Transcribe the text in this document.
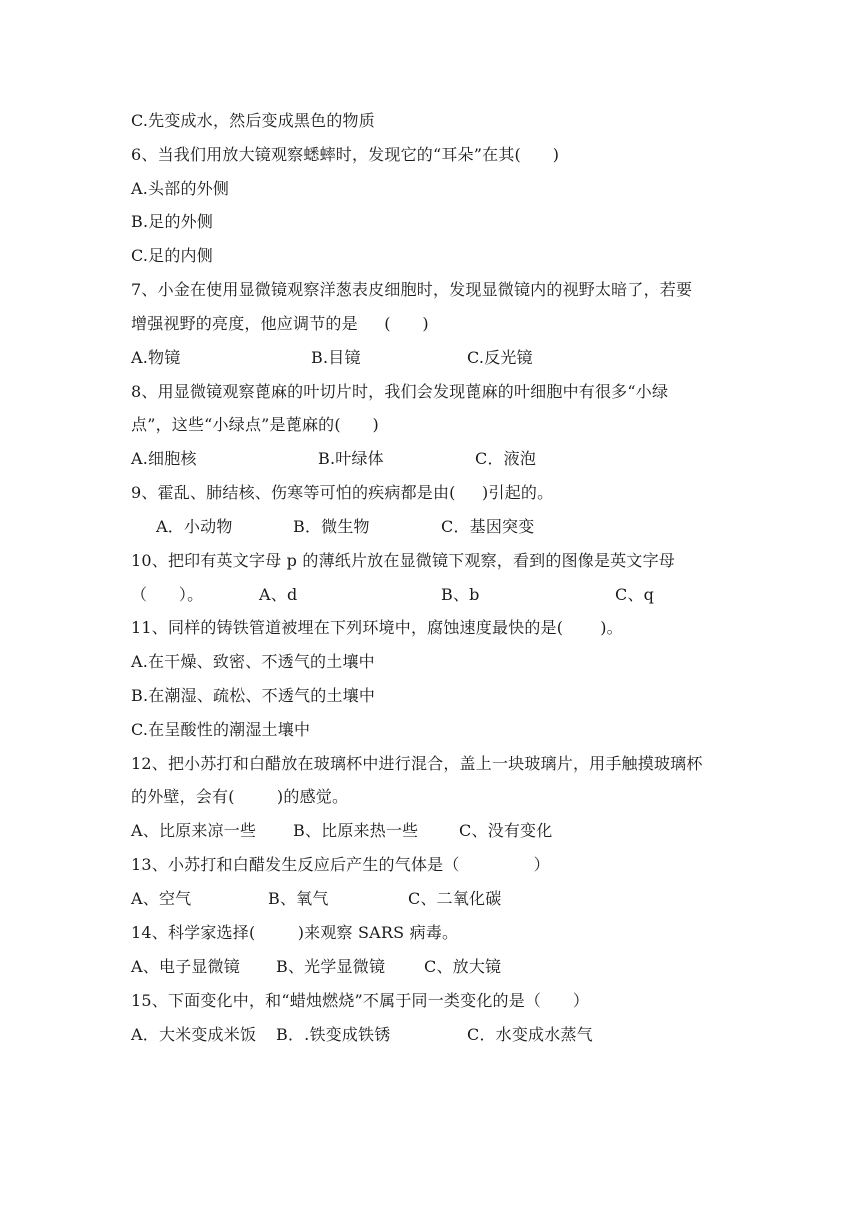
C.先变成水，然后变成黑色的物质
6、当我们用放大镜观察蟋蟀时，发现它的“耳朵”在其(      )
A.头部的外侧
B.足的外侧
C.足的内侧
7、小金在使用显微镜观察洋葱表皮细胞时，发现显微镜内的视野太暗了，若要
增强视野的亮度，他应调节的是     (      )
A.物镜	B.目镜	C.反光镜
8、用显微镜观察蓖麻的叶切片时，我们会发现蓖麻的叶细胞中有很多“小绿
点”，这些“小绿点”是蓖麻的(      )
A.细胞核	B.叶绿体	C．液泡
9、霍乱、肺结核、伤寒等可怕的疾病都是由(     )引起的。
A．小动物	B．微生物	C．基因突变
10、把印有英文字母 p 的薄纸片放在显微镜下观察，看到的图像是英文字母
（      ）。	A、d	B、b	C、q
11、同样的铸铁管道被埋在下列环境中，腐蚀速度最快的是(       )。
A.在干燥、致密、不透气的土壤中
B.在潮湿、疏松、不透气的土壤中
C.在呈酸性的潮湿土壤中
12、把小苏打和白醋放在玻璃杯中进行混合，盖上一块玻璃片，用手触摸玻璃杯
的外壁，会有(        )的感觉。
A、比原来凉一些 B、比原来热一些	C、没有变化
13、小苏打和白醋发生反应后产生的气体是（              ）
A、空气	B、氧气	C、二氧化碳
14、科学家选择(        )来观察 SARS 病毒。
A、电子显微镜 B、光学显微镜 C、放大镜
15、下面变化中，和“蜡烛燃烧”不属于同一类变化的是（      ）
A．大米变成米饭 B．.铁变成铁锈	C．水变成水蒸气
